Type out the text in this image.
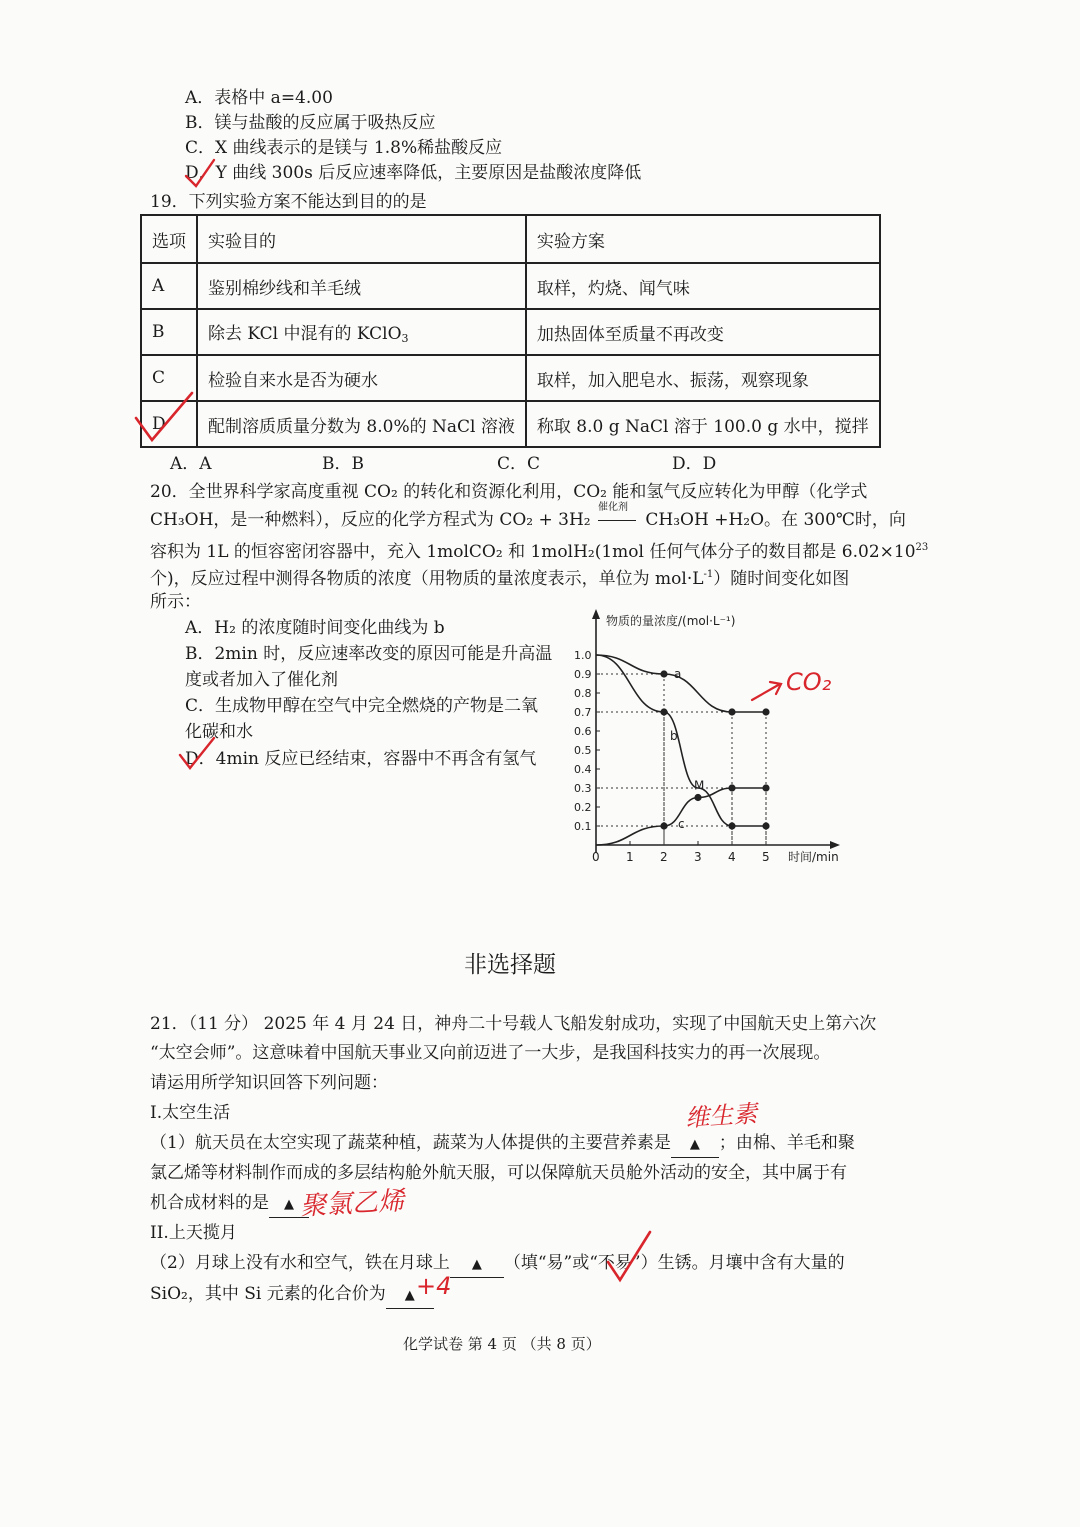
A．表格中 a=4.00
B．镁与盐酸的反应属于吸热反应
C．X 曲线表示的是镁与 1.8%稀盐酸反应
D．Y 曲线 300s 后反应速率降低，主要原因是盐酸浓度降低
19．下列实验方案不能达到目的的是
选项	实验目的	实验方案
A	鉴别棉纱线和羊毛绒	取样，灼烧、闻气味
B	除去 KCl 中混有的 KClO$_3$	加热固体至质量不再改变
C	检验自来水是否为硬水	取样，加入肥皂水、振荡，观察现象
D	配制溶质质量分数为 8.0%的 NaCl 溶液	称取 8.0 g NaCl 溶于 100.0 g 水中，搅拌
A．A	B．B	C．C	D．D
20．全世界科学家高度重视 CO₂ 的转化和资源化利用，CO₂ 能和氢气反应转化为甲醇（化学式
CH₃OH，是一种燃料），反应的化学方程式为 CO₂ + 3H₂
催化剂
CH₃OH +H₂O。在 300℃时，向
容积为 1L 的恒容密闭容器中，充入 1molCO₂ 和 1molH₂(1mol 任何气体分子的数目都是 $6.02\times 10^{23}$
个)，反应过程中测得各物质的浓度（用物质的量浓度表示，单位为 $mol\cdot L^{-1}$）随时间变化如图
所示：
A．H₂ 的浓度随时间变化曲线为 b
B．2min 时，反应速率改变的原因可能是升高温
度或者加入了催化剂
C．生成物甲醇在空气中完全燃烧的产物是二氧
化碳和水
D．4min 反应已经结束，容器中不再含有氢气
物质的量浓度/(mol·L⁻¹)
时间/min
0 1 2 3 4 5
0.1
0.2
0.3
0.4
0.5
0.6
0.7
0.8
0.9
1.0
a
b
c
M
非选择题
21．（11 分） 2025 年 4 月 24 日，神舟二十号载人飞船发射成功，实现了中国航天史上第六次
“太空会师”。这意味着中国航天事业又向前迈进了一大步，是我国科技实力的再一次展现。
请运用所学知识回答下列问题：
I.太空生活
（1）航天员在太空实现了蔬菜种植，蔬菜为人体提供的主要营养素是 ▲ ；由棉、羊毛和聚
氯乙烯等材料制作而成的多层结构舱外航天服，可以保障航天员舱外活动的安全，其中属于有
机合成材料的是 ▲
II.上天揽月
（2）月球上没有水和空气，铁在月球上 ▲ （填“易”或“不易”）生锈。月壤中含有大量的
SiO₂，其中 Si 元素的化合价为 ▲
化学试卷 第 4 页 （共 8 页）
维生素
聚氯乙烯
+4
CO₂
